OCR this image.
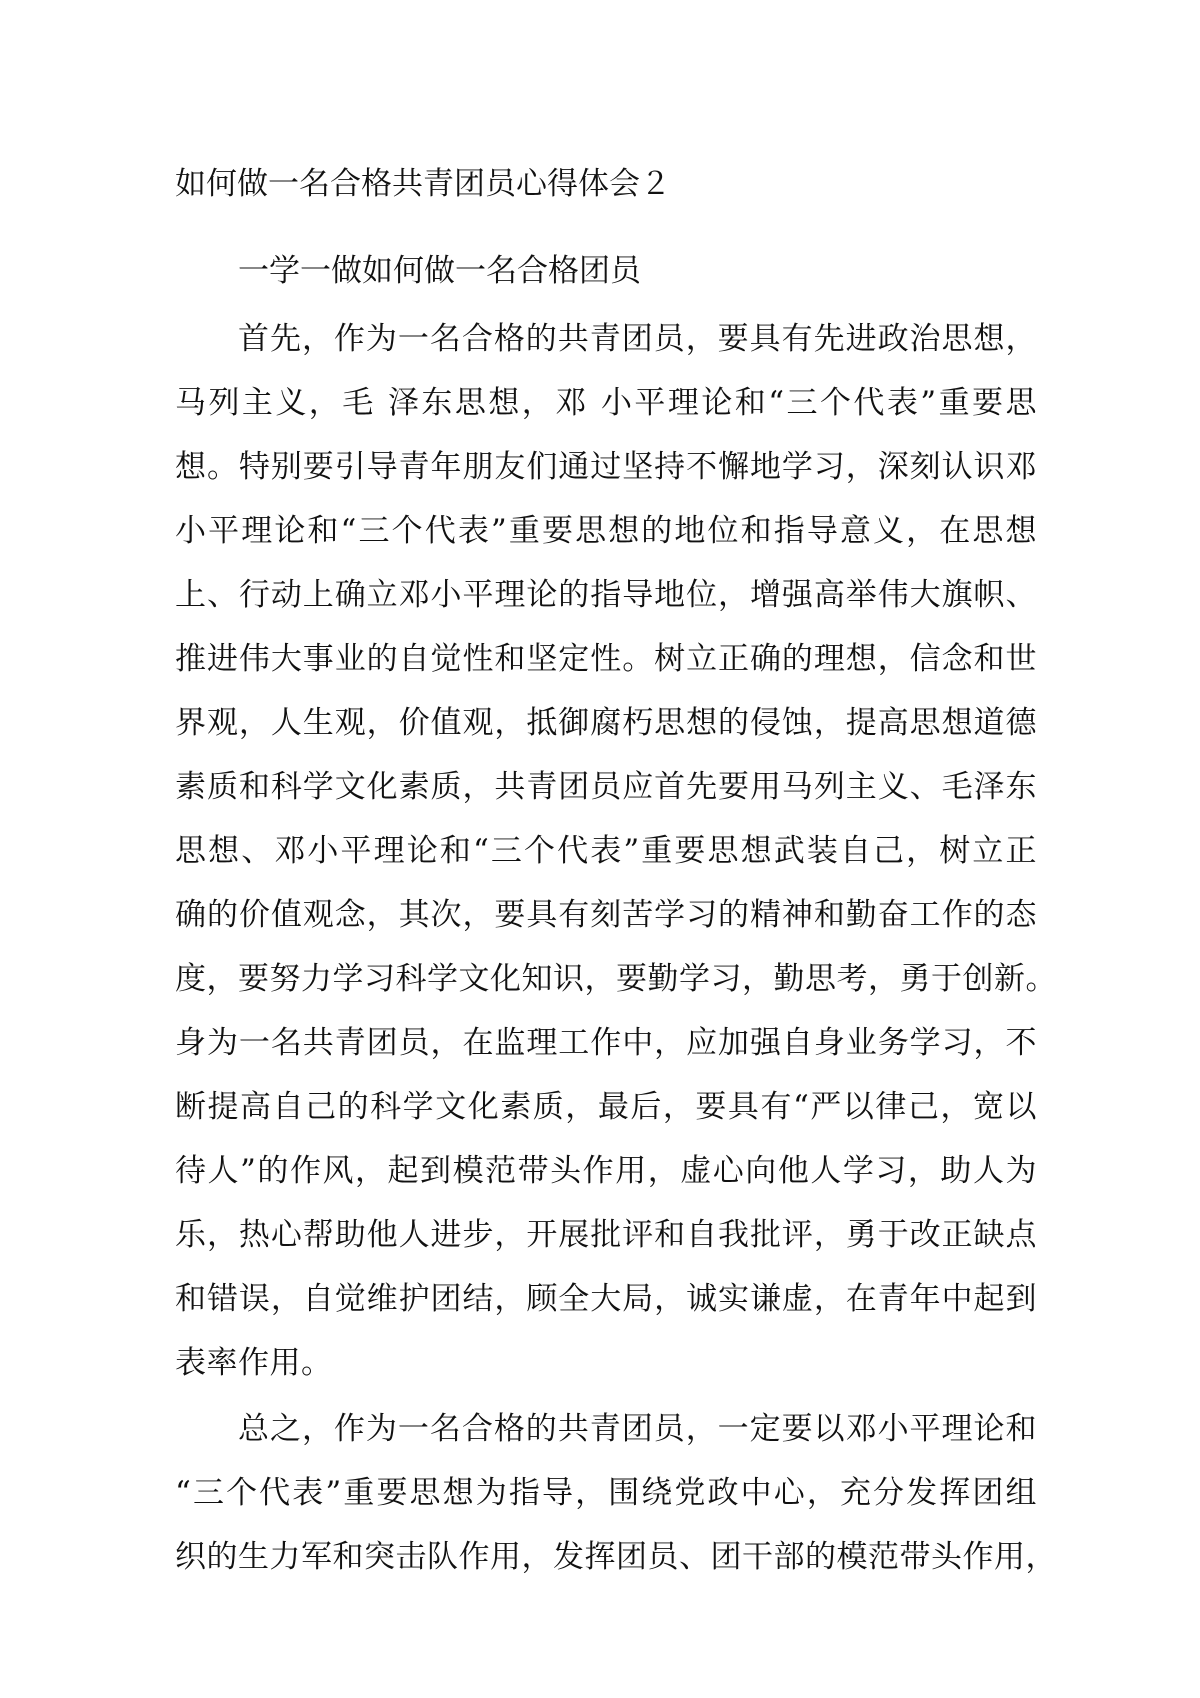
如何做一名合格共青团员心得体会２
一学一做如何做一名合格团员
首先，作为一名合格的共青团员，要具有先进政治思想，
马列主义，毛 泽东思想，邓 小平理论和“三个代表”重要思
想。特别要引导青年朋友们通过坚持不懈地学习，深刻认识邓
小平理论和“三个代表”重要思想的地位和指导意义，在思想
上、行动上确立邓小平理论的指导地位，增强高举伟大旗帜、
推进伟大事业的自觉性和坚定性。树立正确的理想，信念和世
界观，人生观，价值观，抵御腐朽思想的侵蚀，提高思想道德
素质和科学文化素质，共青团员应首先要用马列主义、毛泽东
思想、邓小平理论和“三个代表”重要思想武装自己，树立正
确的价值观念，其次，要具有刻苦学习的精神和勤奋工作的态
度，要努力学习科学文化知识，要勤学习，勤思考，勇于创新。
身为一名共青团员，在监理工作中，应加强自身业务学习，不
断提高自己的科学文化素质，最后，要具有“严以律己，宽以
待人”的作风，起到模范带头作用，虚心向他人学习，助人为
乐，热心帮助他人进步，开展批评和自我批评，勇于改正缺点
和错误，自觉维护团结，顾全大局，诚实谦虚，在青年中起到
表率作用。
总之，作为一名合格的共青团员，一定要以邓小平理论和
“三个代表”重要思想为指导，围绕党政中心，充分发挥团组
织的生力军和突击队作用，发挥团员、团干部的模范带头作用，
